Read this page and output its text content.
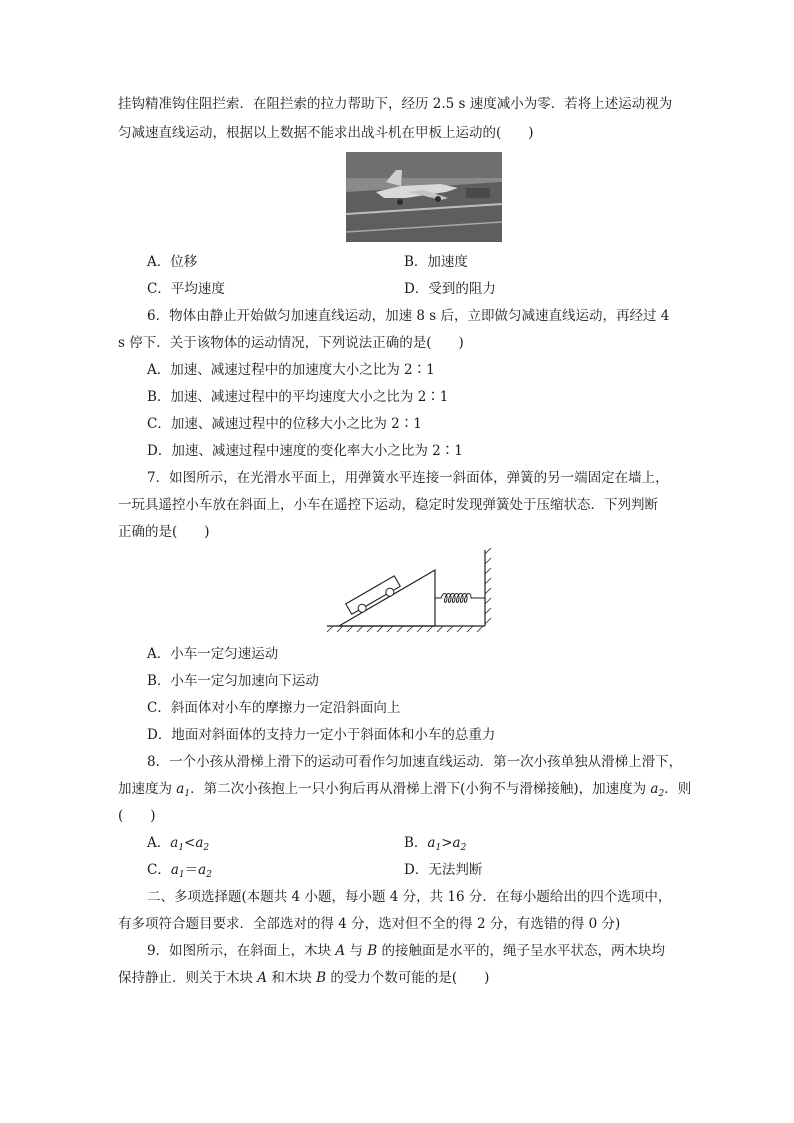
挂钩精准钩住阻拦索．在阻拦索的拉力帮助下，经历 2.5 s 速度减小为零．若将上述运动视为
匀减速直线运动，根据以上数据不能求出战斗机在甲板上运动的(　　)
A．位移	B．加速度
C．平均速度	D．受到的阻力
6．物体由静止开始做匀加速直线运动，加速 8 s 后，立即做匀减速直线运动，再经过 4
s 停下．关于该物体的运动情况，下列说法正确的是(　　)
A．加速、减速过程中的加速度大小之比为 2∶1
B．加速、减速过程中的平均速度大小之比为 2∶1
C．加速、减速过程中的位移大小之比为 2∶1
D．加速、减速过程中速度的变化率大小之比为 2∶1
7．如图所示，在光滑水平面上，用弹簧水平连接一斜面体，弹簧的另一端固定在墙上，
一玩具遥控小车放在斜面上，小车在遥控下运动，稳定时发现弹簧处于压缩状态．下列判断
正确的是(　　)
A．小车一定匀速运动
B．小车一定匀加速向下运动
C．斜面体对小车的摩擦力一定沿斜面向上
D．地面对斜面体的支持力一定小于斜面体和小车的总重力
8．一个小孩从滑梯上滑下的运动可看作匀加速直线运动．第一次小孩单独从滑梯上滑下，
加速度为 $a_1$．第二次小孩抱上一只小狗后再从滑梯上滑下(小狗不与滑梯接触)，加速度为 $a_2$．则
(　　)
A．$a_1<a_2$	B．$a_1>a_2$
C．$a_1=a_2$	D．无法判断
二、多项选择题(本题共 4 小题，每小题 4 分，共 16 分．在每小题给出的四个选项中，
有多项符合题目要求．全部选对的得 4 分，选对但不全的得 2 分，有选错的得 0 分)
9．如图所示，在斜面上，木块 A 与 B 的接触面是水平的，绳子呈水平状态，两木块均
保持静止．则关于木块 A 和木块 B 的受力个数可能的是(　　)
